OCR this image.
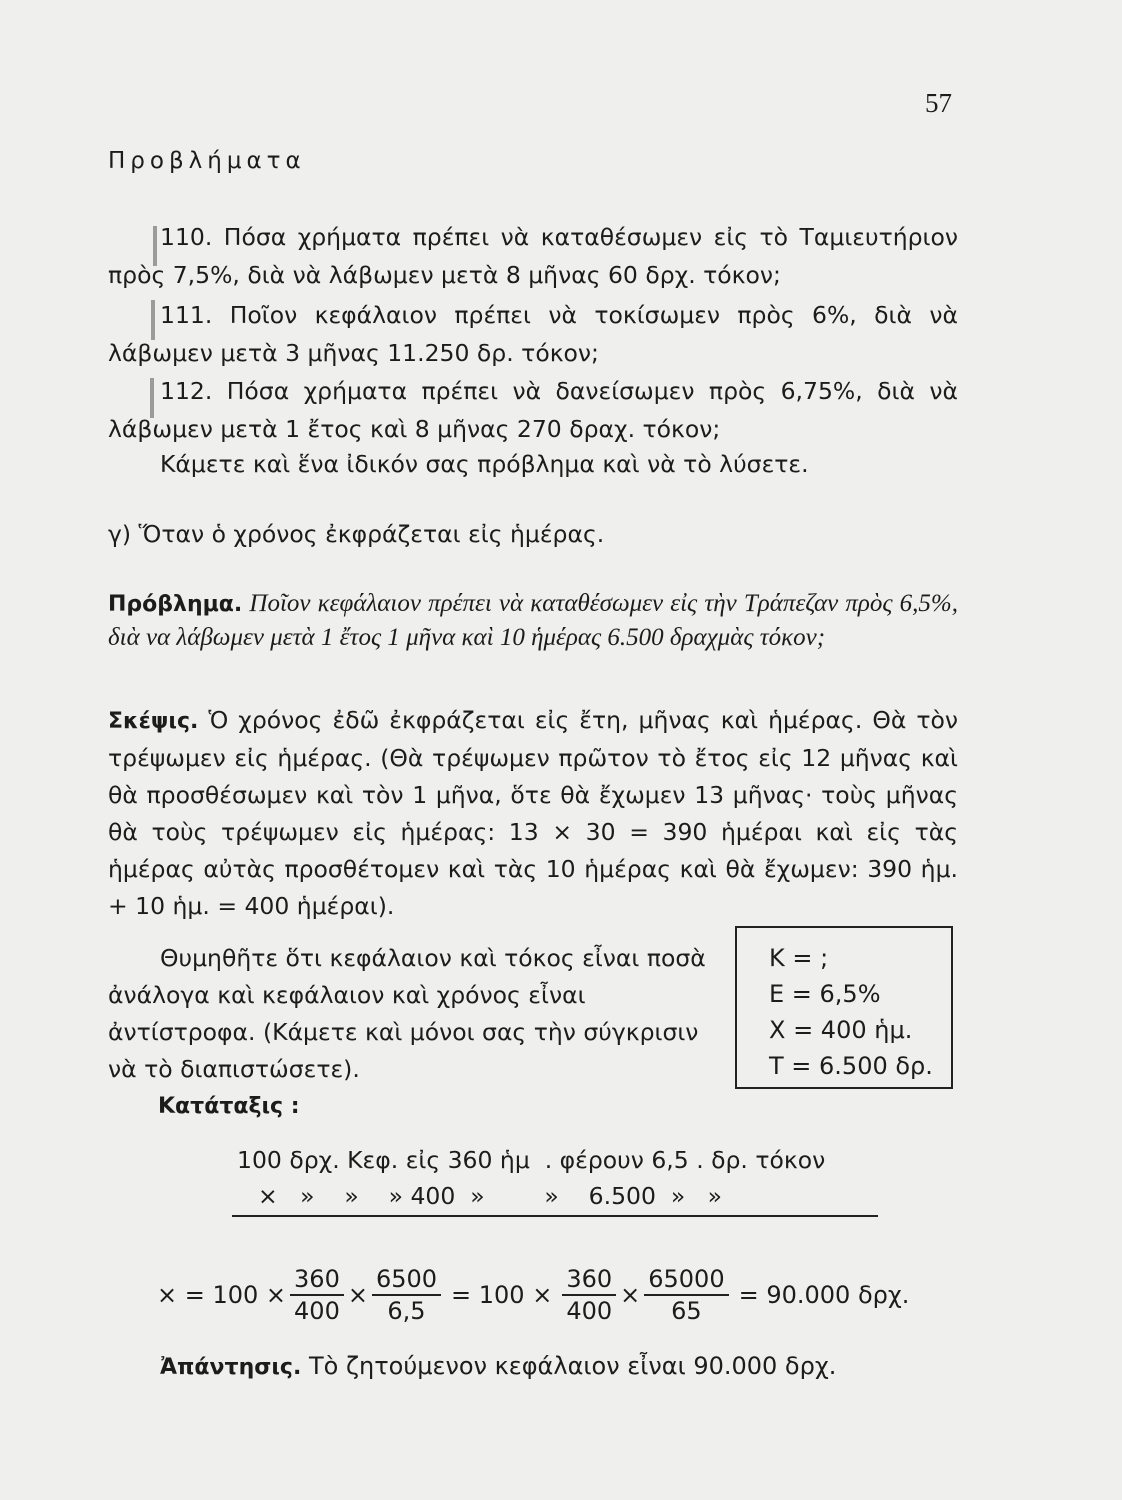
57
Προβλήματα
110. Πόσα χρήματα πρέπει νὰ καταθέσωμεν εἰς τὸ Ταμιευτήριον πρὸς 7,5%, διὰ νὰ λάβωμεν μετὰ 8 μῆνας 60 δρχ. τόκον;
111. Ποῖον κεφάλαιον πρέπει νὰ τοκίσωμεν πρὸς 6%, διὰ νὰ λάβωμεν μετὰ 3 μῆνας 11.250 δρ. τόκον;
112. Πόσα χρήματα πρέπει νὰ δανείσωμεν πρὸς 6,75%, διὰ νὰ λάβωμεν μετὰ 1 ἔτος καὶ 8 μῆνας 270 δραχ. τόκον;
Κάμετε καὶ ἕνα ἰδικόν σας πρόβλημα καὶ νὰ τὸ λύσετε.
γ) Ὅταν ὁ χρόνος ἐκφράζεται εἰς ἡμέρας.
Πρόβλημα. Ποῖον κεφάλαιον πρέπει νὰ καταθέσωμεν εἰς τὴν Τράπεζαν πρὸς 6,5%, διὰ να λάβωμεν μετὰ 1 ἔτος 1 μῆνα καὶ 10 ἡμέρας 6.500 δραχμὰς τόκον;
Σκέψις. Ὁ χρόνος ἐδῶ ἐκφράζεται εἰς ἔτη, μῆνας καὶ ἡμέρας. Θὰ τὸν τρέψωμεν εἰς ἡμέρας. (Θὰ τρέψωμεν πρῶτον τὸ ἔτος εἰς 12 μῆνας καὶ θὰ προσθέσωμεν καὶ τὸν 1 μῆνα, ὅτε θὰ ἔχωμεν 13 μῆνας· τοὺς μῆνας θὰ τοὺς τρέψωμεν εἰς ἡμέρας: 13 × 30 = 390 ἡμέραι καὶ εἰς τὰς ἡμέρας αὐτὰς προσθέτομεν καὶ τὰς 10 ἡμέρας καὶ θὰ ἔχωμεν: 390 ἡμ. + 10 ἡμ. = 400 ἡμέραι).
Θυμηθῆτε ὅτι κεφάλαιον καὶ τόκος εἶναι ποσὰ ἀνάλογα καὶ κεφάλαιον καὶ χρόνος εἶναι ἀντίστροφα. (Κάμετε καὶ μόνοι σας τὴν σύγκρισιν νὰ τὸ διαπιστώσετε).
Κ = ;
Ε = 6,5%
Χ = 400 ἡμ.
Τ = 6.500 δρ.
Κατάταξις :
100 δρχ. Κεφ. εἰς 360 ἡμ  . φέρουν 6,5 . δρ. τόκον
×   »    »    » 400  »        »    6.500  »   »
× = $100 \times \frac{360}{400} \times \frac{6500}{6,5} = 100 \times \frac{360}{400} \times \frac{65000}{65} = 90.000$ δρχ.
Ἀπάντησις. Τὸ ζητούμενον κεφάλαιον εἶναι 90.000 δρχ.
